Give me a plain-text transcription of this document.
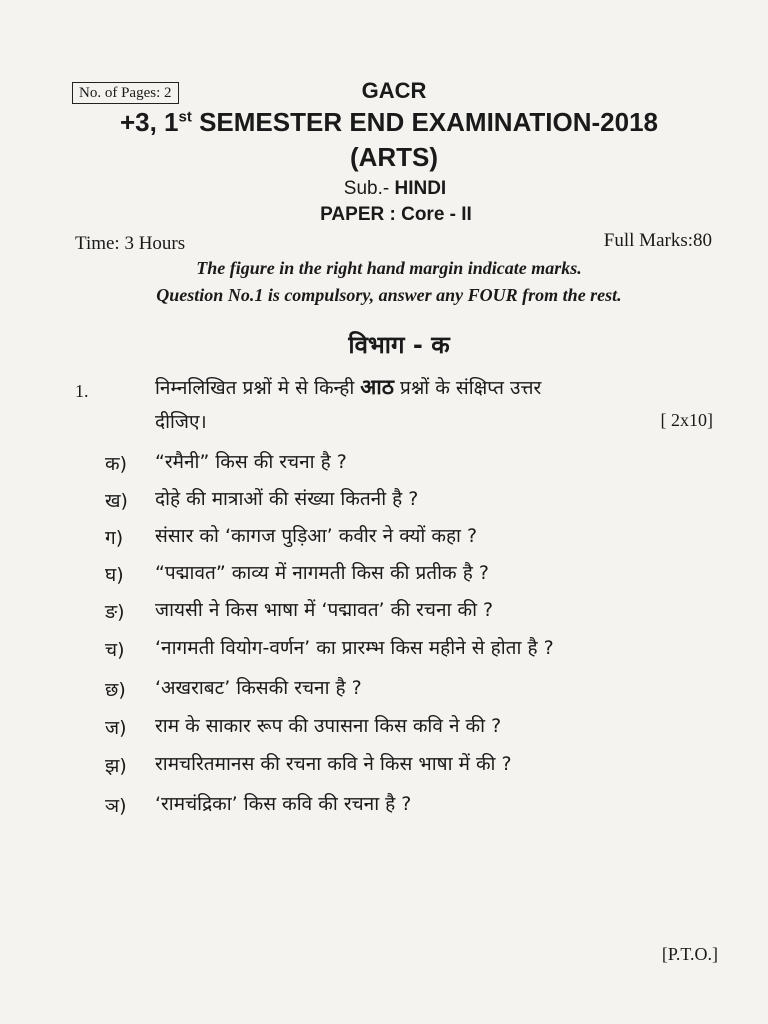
No. of Pages: 2	GACR
+3, 1st SEMESTER END EXAMINATION-2018
(ARTS)
Sub.- HINDI
PAPER : Core - II
Time: 3 Hours	Full Marks:80
The figure in the right hand margin indicate marks.
Question No.1 is compulsory, answer any FOUR from the rest.
विभाग - क
1.	निम्नलिखित प्रश्नों मे से किन्ही आठ प्रश्नों के संक्षिप्त उत्तर
दीजिए।	[ 2x10]
क) “रमैनी” किस की रचना है ?
ख) दोहे की मात्राओं की संख्या कितनी है ?
ग) संसार को ‘कागज पुड़िआ’ कवीर ने क्यों कहा ?
घ) “पद्मावत” काव्य में नागमती किस की प्रतीक है ?
ङ) जायसी ने किस भाषा में ‘पद्मावत’ की रचना की ?
च) ‘नागमती वियोग-वर्णन’ का प्रारम्भ किस महीने से होता है ?
छ) ‘अखराबट’ किसकी रचना है ?
ज) राम के साकार रूप की उपासना किस कवि ने की ?
झ) रामचरितमानस की रचना कवि ने किस भाषा में की ?
ञ) ‘रामचंद्रिका’ किस कवि की रचना है ?
[P.T.O.]
